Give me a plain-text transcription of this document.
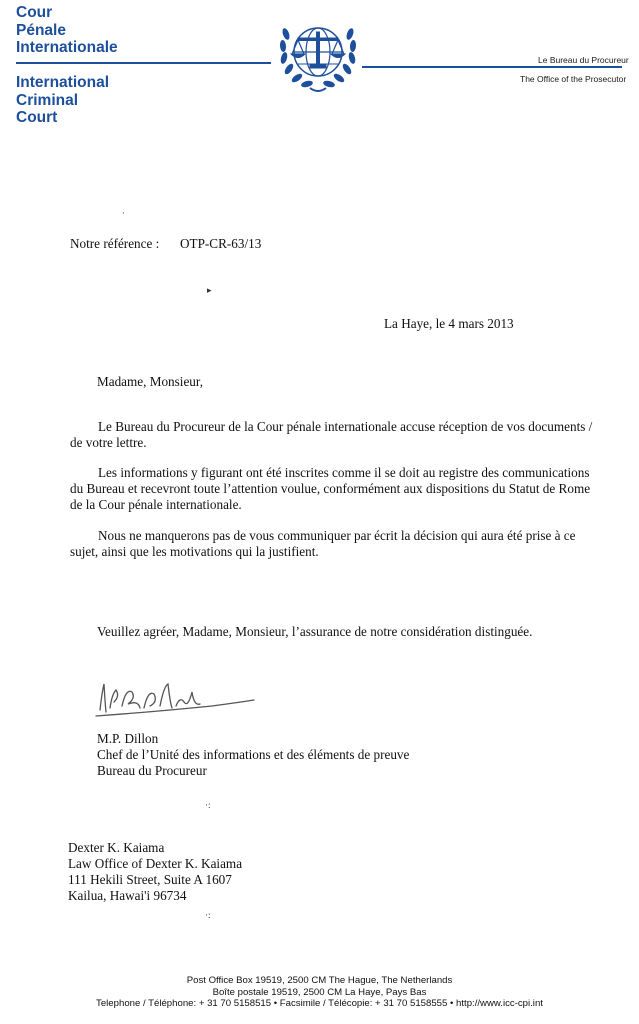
Cour
Pénale
Internationale
International
Criminal
Court
Le Bureau du Procureur
The Office of the Prosecutor
·
▸
·:
·:
Notre référence : OTP-CR-63/13
La Haye, le 4 mars 2013
Madame, Monsieur,
Le Bureau du Procureur de la Cour pénale internationale accuse réception de vos documents /
de votre lettre.
Les informations y figurant ont été inscrites comme il se doit au registre des communications
du Bureau et recevront toute l’attention voulue, conformément aux dispositions du Statut de Rome
de la Cour pénale internationale.
Nous ne manquerons pas de vous communiquer par écrit la décision qui aura été prise à ce
sujet, ainsi que les motivations qui la justifient.
Veuillez agréer, Madame, Monsieur, l’assurance de notre considération distinguée.
M.P. Dillon
Chef de l’Unité des informations et des éléments de preuve
Bureau du Procureur
Dexter K. Kaiama
Law Office of Dexter K. Kaiama
111 Hekili Street, Suite A 1607
Kailua, Hawai'i 96734
Post Office Box 19519, 2500 CM The Hague, The Netherlands
Boîte postale 19519, 2500 CM La Haye, Pays Bas
Telephone / Téléphone: + 31 70 5158515 • Facsimile / Télécopie: + 31 70 5158555 • http://www.icc-cpi.int
